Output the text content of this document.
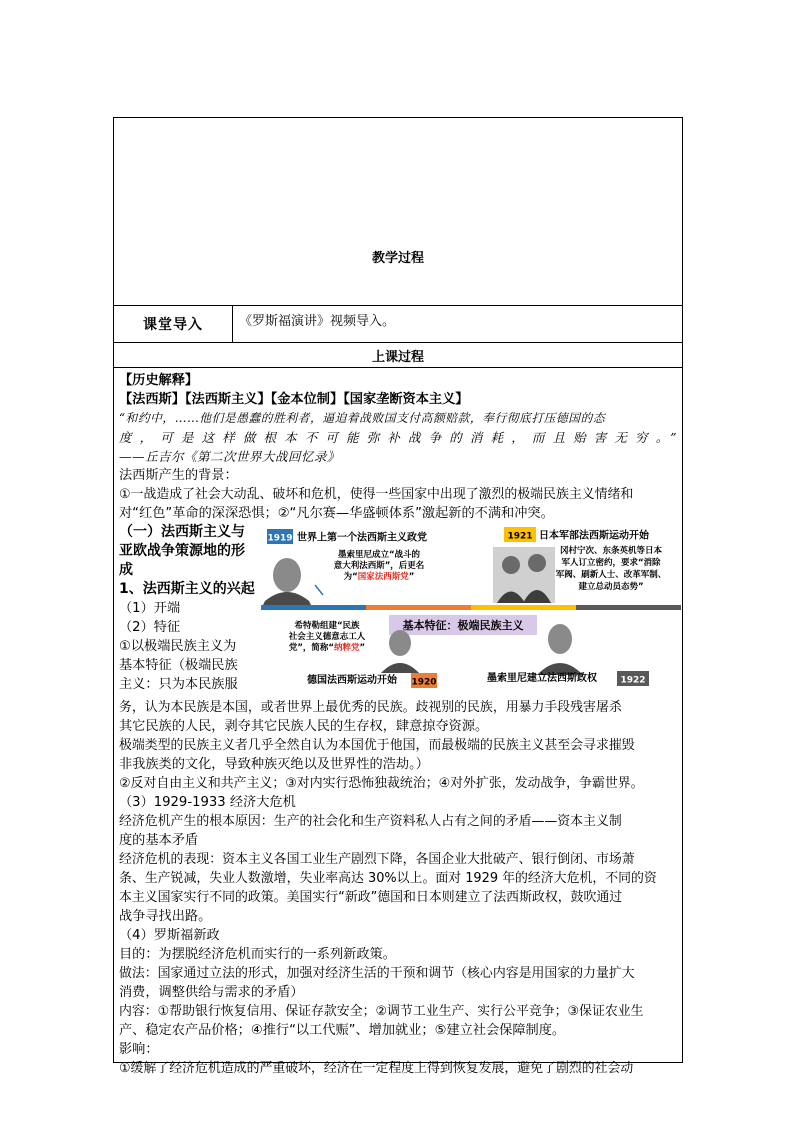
教学过程
课堂导入	《罗斯福演讲》视频导入。
上课过程

【历史解释】

【法西斯】【法西斯主义】【金本位制】【国家垄断资本主义】

“和约中，……他们是愚蠢的胜利者，逼迫着战败国支付高额赔款，奉行彻底打压德国的态

度，可是这样做根本不可能弥补战争的消耗，而且贻害无穷。”

——丘吉尔《第二次世界大战回忆录》

法西斯产生的背景：

①一战造成了社会大动乱、破坏和危机，使得一些国家中出现了激烈的极端民族主义情绪和

对“红色”革命的深深恐惧；②“凡尔赛—华盛顿体系”激起新的不满和冲突。

（一）法西斯主义与
亚欧战争策源地的形
成
1、法西斯主义的兴起
（1）开端
（2）特征
①以极端民族主义为
基本特征（极端民族
主义：只为本民族服
1919 世界上第一个法西斯主义政党
墨索里尼成立“战斗的
意大利法西斯”，后更名
为“国家法西斯党”
1921 日本军部法西斯运动开始
冈村宁次、东条英机等日本
军人订立密约，要求“消除
军阀、刷新人士、改革军制、
建立总动员态势”
基本特征：极端民族主义
希特勒组建“民族
社会主义德意志工人
党”，简称“纳粹党”
德国法西斯运动开始 1920	墨索里尼建立法西斯政权	1922

务，认为本民族是本国，或者世界上最优秀的民族。歧视别的民族，用暴力手段残害屠杀

其它民族的人民，剥夺其它民族人民的生存权，肆意掠夺资源。

极端类型的民族主义者几乎全然自认为本国优于他国，而最极端的民族主义甚至会寻求摧毁

非我族类的文化，导致种族灭绝以及世界性的浩劫。）

②反对自由主义和共产主义；③对内实行恐怖独裁统治；④对外扩张，发动战争，争霸世界。

（3）1929-1933 经济大危机

经济危机产生的根本原因：生产的社会化和生产资料私人占有之间的矛盾——资本主义制

度的基本矛盾

经济危机的表现：资本主义各国工业生产剧烈下降，各国企业大批破产、银行倒闭、市场萧

条、生产锐减，失业人数激增，失业率高达 30%以上。面对 1929 年的经济大危机，不同的资

本主义国家实行不同的政策。美国实行“新政”德国和日本则建立了法西斯政权，鼓吹通过

战争寻找出路。

（4）罗斯福新政

目的：为摆脱经济危机而实行的一系列新政策。

做法：国家通过立法的形式，加强对经济生活的干预和调节（核心内容是用国家的力量扩大

消费，调整供给与需求的矛盾）

内容：①帮助银行恢复信用、保证存款安全；②调节工业生产、实行公平竞争；③保证农业生

产、稳定农产品价格；④推行“以工代赈”、增加就业；⑤建立社会保障制度。

影响：

①缓解了经济危机造成的严重破坏，经济在一定程度上得到恢复发展，避免了剧烈的社会动
